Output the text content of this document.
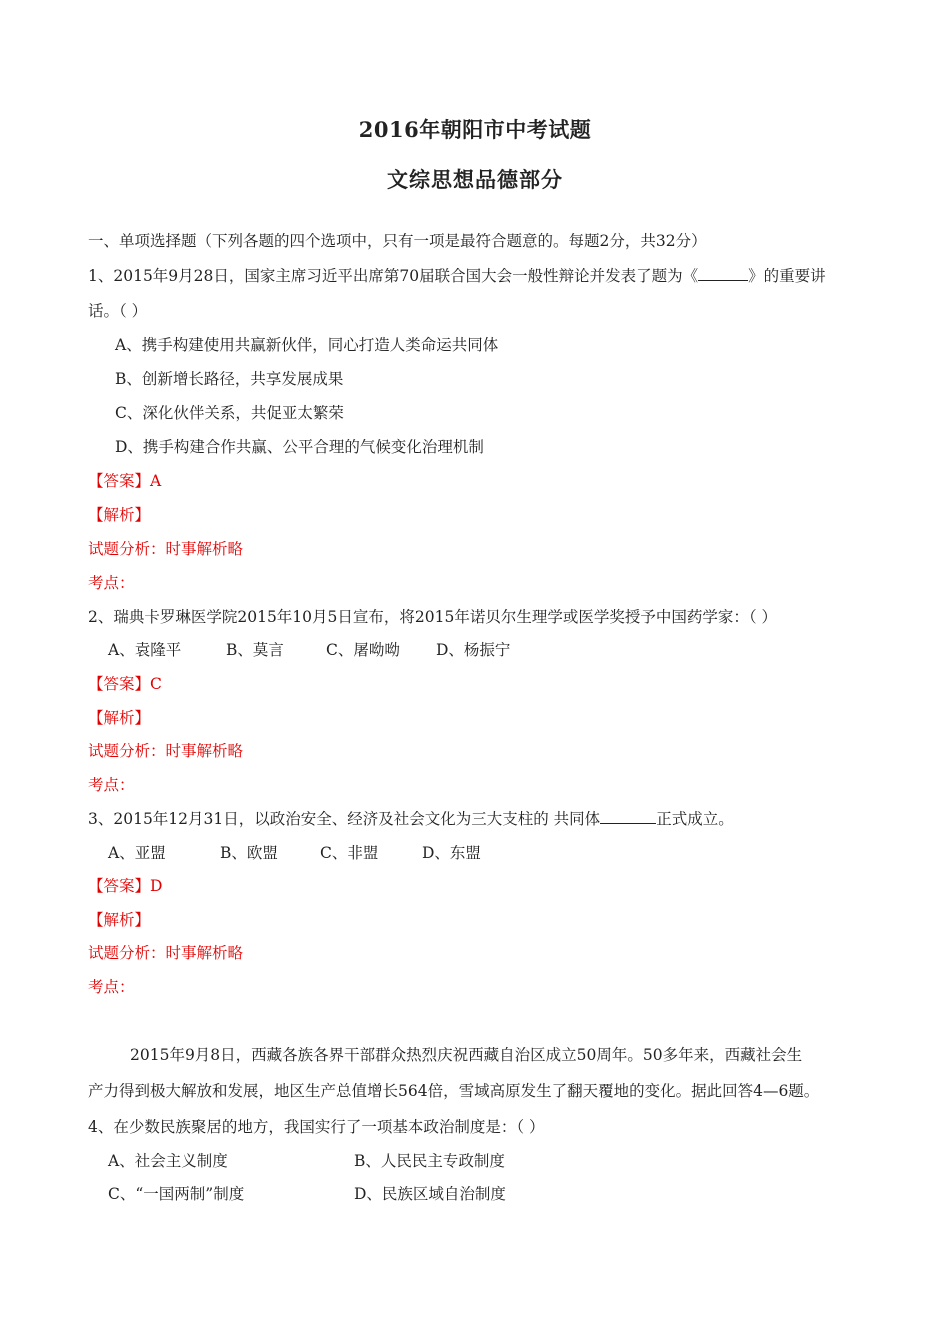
2016年朝阳市中考试题
文综思想品德部分
一、单项选择题（下列各题的四个选项中，只有一项是最符合题意的。每题2分，共32分）
1、2015年9月28日，国家主席习近平出席第70届联合国大会一般性辩论并发表了题为《	》的重要讲
话。（ ）
A、携手构建使用共赢新伙伴，同心打造人类命运共同体
B、创新增长路径，共享发展成果
C、深化伙伴关系，共促亚太繁荣
D、携手构建合作共赢、公平合理的气候变化治理机制
【答案】A
【解析】
试题分析：时事解析略
考点：
2、瑞典卡罗琳医学院2015年10月5日宣布，将2015年诺贝尔生理学或医学奖授予中国药学家：（ ）
A、袁隆平	B、莫言	C、屠呦呦 D、杨振宁
【答案】C
【解析】
试题分析：时事解析略
考点：
3、2015年12月31日，以政治安全、经济及社会文化为三大支柱的 共同体	正式成立。
A、亚盟	B、欧盟	C、非盟	D、东盟
【答案】D
【解析】
试题分析：时事解析略
考点：
2015年9月8日，西藏各族各界干部群众热烈庆祝西藏自治区成立50周年。50多年来，西藏社会生
产力得到极大解放和发展，地区生产总值增长564倍，雪域高原发生了翻天覆地的变化。据此回答4—6题。
4、在少数民族聚居的地方，我国实行了一项基本政治制度是：（ ）
A、社会主义制度	B、人民民主专政制度
C、“一国两制”制度	D、民族区域自治制度
